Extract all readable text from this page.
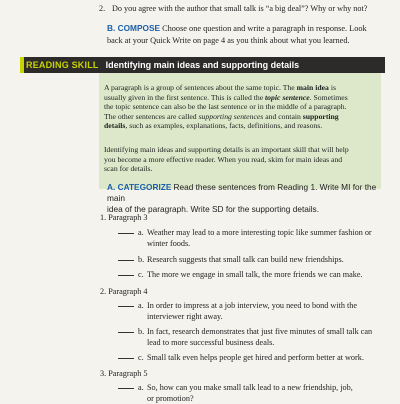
2. Do you agree with the author that small talk is “a big deal”? Why or why not?
B. COMPOSE Choose one question and write a paragraph in response. Look
back at your Quick Write on page 4 as you think about what you learned.
READING SKILL Identifying main ideas and supporting details

A paragraph is a group of sentences about the same topic. The main idea is
usually given in the first sentence. This is called the topic sentence. Sometimes
the topic sentence can also be the last sentence or in the middle of a paragraph.
The other sentences are called supporting sentences and contain supporting
details, such as examples, explanations, facts, definitions, and reasons.

Identifying main ideas and supporting details is an important skill that will help
you become a more effective reader. When you read, skim for main ideas and
scan for details.

A. CATEGORIZE Read these sentences from Reading 1. Write MI for the main
idea of the paragraph. Write SD for the supporting details.
1. Paragraph 3
a. Weather may lead to a more interesting topic like summer fashion or
winter foods.
b. Research suggests that small talk can build new friendships.
c. The more we engage in small talk, the more friends we can make.
2. Paragraph 4
a. In order to impress at a job interview, you need to bond with the
interviewer right away.
b. In fact, research demonstrates that just five minutes of small talk can
lead to more successful business deals.
c. Small talk even helps people get hired and perform better at work.
3. Paragraph 5
a. So, how can you make small talk lead to a new friendship, job,
or promotion?
